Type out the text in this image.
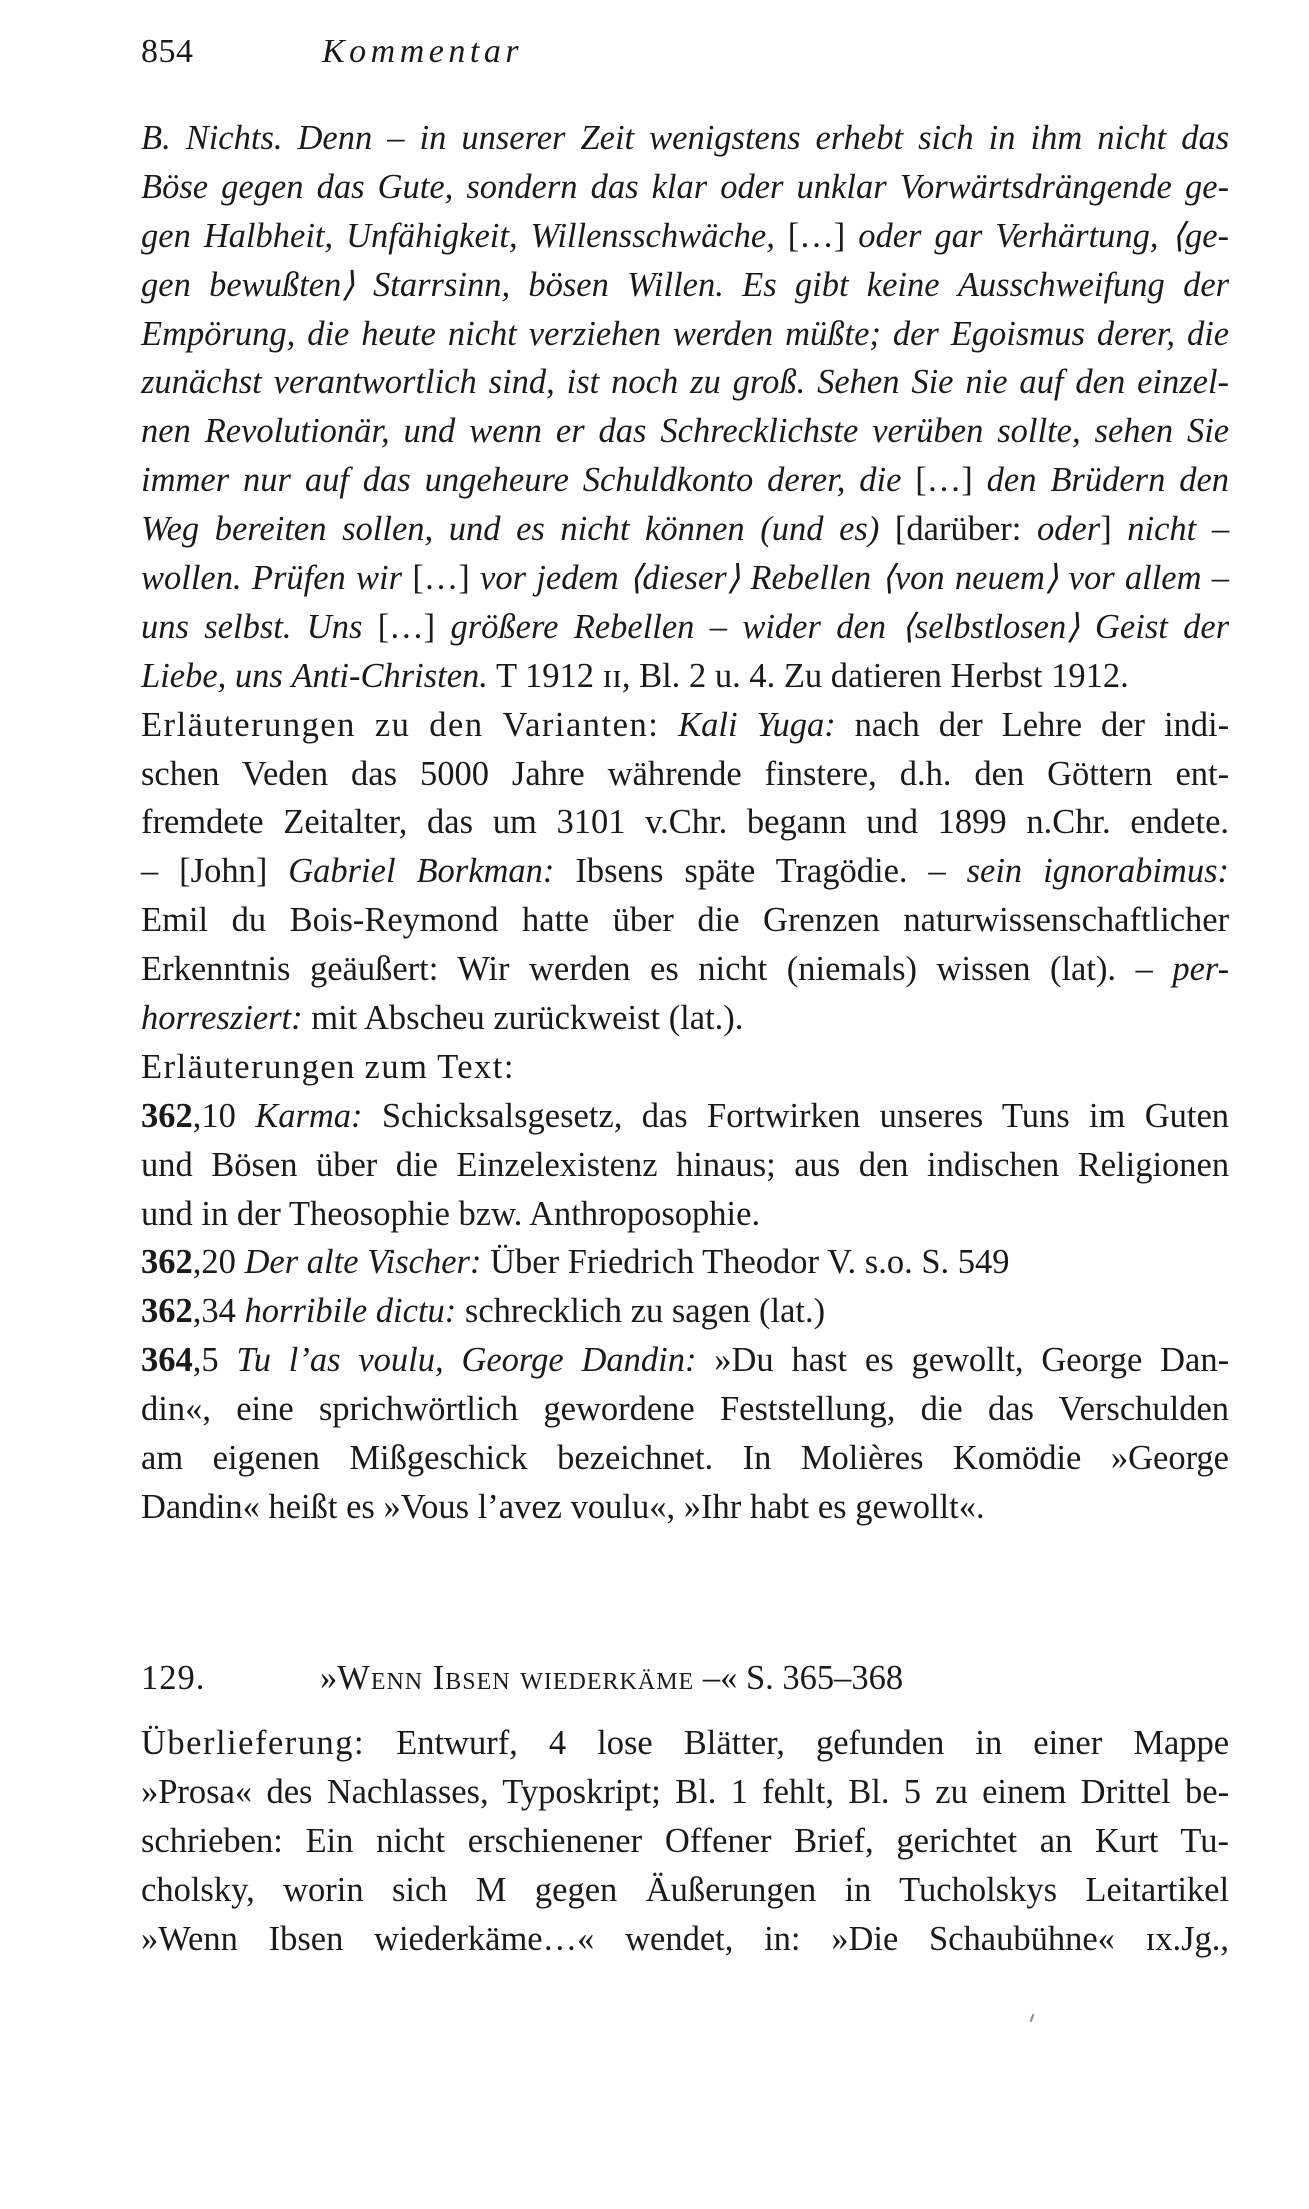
854	Kommentar
B. Nichts. Denn – in unserer Zeit wenigstens erhebt sich in ihm nicht das
Böse gegen das Gute, sondern das klar oder unklar Vorwärtsdrängende ge-
gen Halbheit, Unfähigkeit, Willensschwäche, […] oder gar Verhärtung, ⟨ge-
gen bewußten⟩ Starrsinn, bösen Willen. Es gibt keine Ausschweifung der
Empörung, die heute nicht verziehen werden müßte; der Egoismus derer, die
zunächst verantwortlich sind, ist noch zu groß. Sehen Sie nie auf den einzel-
nen Revolutionär, und wenn er das Schrecklichste verüben sollte, sehen Sie
immer nur auf das ungeheure Schuldkonto derer, die […] den Brüdern den
Weg bereiten sollen, und es nicht können (und es) [darüber: oder] nicht –
wollen. Prüfen wir […] vor jedem ⟨dieser⟩ Rebellen ⟨von neuem⟩ vor allem –
uns selbst. Uns […] größere Rebellen – wider den ⟨selbstlosen⟩ Geist der
Liebe, uns Anti-Christen. T 1912 ɪɪ, Bl. 2 u. 4. Zu datieren Herbst 1912.
Erläuterungen zu den Varianten: Kali Yuga: nach der Lehre der indi-
schen Veden das 5000 Jahre währende finstere, d.h. den Göttern ent-
fremdete Zeitalter, das um 3101 v.Chr. begann und 1899 n.Chr. endete.
– [John] Gabriel Borkman: Ibsens späte Tragödie. – sein ignorabimus:
Emil du Bois-Reymond hatte über die Grenzen naturwissenschaftlicher
Erkenntnis geäußert: Wir werden es nicht (niemals) wissen (lat). – per-
horresziert: mit Abscheu zurückweist (lat.).
Erläuterungen zum Text:
362,10 Karma: Schicksalsgesetz, das Fortwirken unseres Tuns im Guten
und Bösen über die Einzelexistenz hinaus; aus den indischen Religionen
und in der Theosophie bzw. Anthroposophie.
362,20 Der alte Vischer: Über Friedrich Theodor V. s.o. S. 549
362,34 horribile dictu: schrecklich zu sagen (lat.)
364,5 Tu l’as voulu, George Dandin: »Du hast es gewollt, George Dan-
din«, eine sprichwörtlich gewordene Feststellung, die das Verschulden
am eigenen Mißgeschick bezeichnet. In Molières Komödie »George
Dandin« heißt es »Vous l’avez voulu«, »Ihr habt es gewollt«.
129.	»Wenn Ibsen wiederkäme –« S. 365–368
Überlieferung: Entwurf, 4 lose Blätter, gefunden in einer Mappe
»Prosa« des Nachlasses, Typoskript; Bl. 1 fehlt, Bl. 5 zu einem Drittel be-
schrieben: Ein nicht erschienener Offener Brief, gerichtet an Kurt Tu-
cholsky, worin sich M gegen Äußerungen in Tucholskys Leitartikel
»Wenn Ibsen wiederkäme…« wendet, in: »Die Schaubühne« ɪx.Jg.,
